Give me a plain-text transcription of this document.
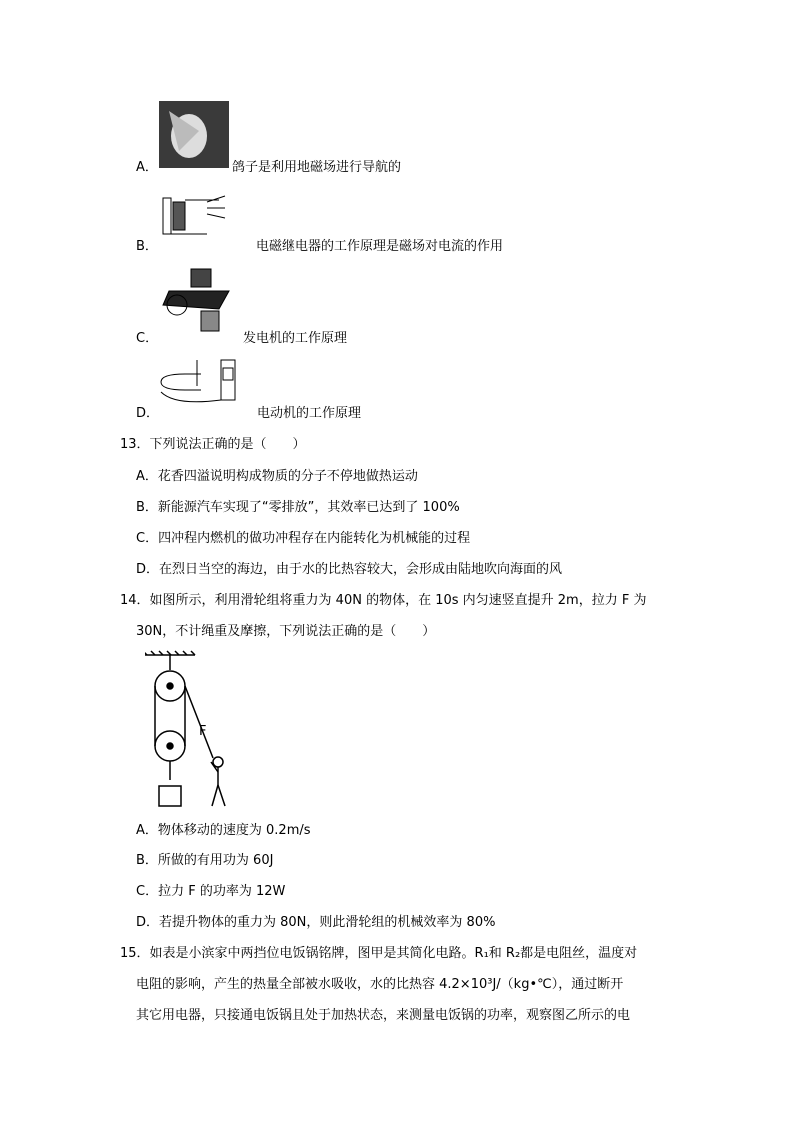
A．	鸽子是利用地磁场进行导航的
B．	电磁继电器的工作原理是磁场对电流的作用
C．	发电机的工作原理
D．	电动机的工作原理
13．下列说法正确的是（　　）
A．花香四溢说明构成物质的分子不停地做热运动
B．新能源汽车实现了“零排放”，其效率已达到了 100%
C．四冲程内燃机的做功冲程存在内能转化为机械能的过程
D．在烈日当空的海边，由于水的比热容较大，会形成由陆地吹向海面的风
14．如图所示，利用滑轮组将重力为 40N 的物体，在 10s 内匀速竖直提升 2m，拉力 F 为
30N，不计绳重及摩擦，下列说法正确的是（　　）
F
A．物体移动的速度为 0.2m/s
B．所做的有用功为 60J
C．拉力 F 的功率为 12W
D．若提升物体的重力为 80N，则此滑轮组的机械效率为 80%
15．如表是小滨家中两挡位电饭锅铭牌，图甲是其简化电路。R₁和 R₂都是电阻丝，温度对
电阻的影响，产生的热量全部被水吸收，水的比热容 4.2×10³J/（kg•℃），通过断开
其它用电器，只接通电饭锅且处于加热状态，来测量电饭锅的功率，观察图乙所示的电
